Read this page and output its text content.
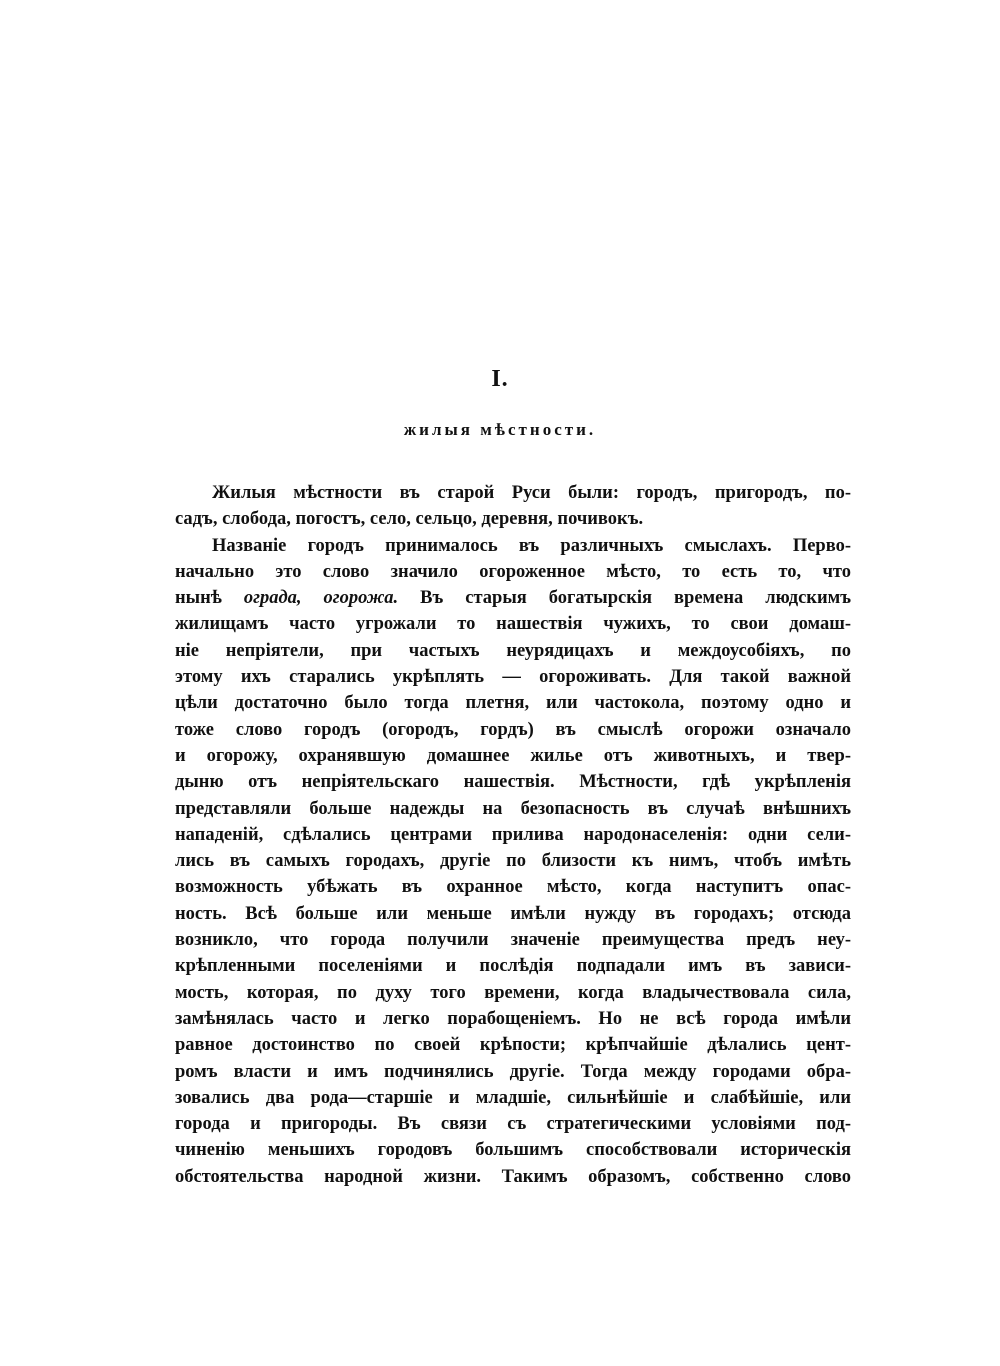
I.
жилыя мѣстности.

Жилыя мѣстности въ старой Руси были: городъ, пригородъ, по-
садъ, слобода, погостъ, село, сельцо, деревня, почивокъ.

Названіе городъ принималось въ различныхъ смыслахъ. Перво-
начально это слово значило огороженное мѣсто, то есть то, что
нынѣ ограда, огорожа. Въ старыя богатырскія времена людскимъ
жилищамъ часто угрожали то нашествія чужихъ, то свои домаш-
ніе непріятели, при частыхъ неурядицахъ и междоусобіяхъ, по
этому ихъ старались укрѣплять — огороживать. Для такой важной
цѣли достаточно было тогда плетня, или частокола, поэтому одно и
тоже слово городъ (огородъ, гордъ) въ смыслѣ огорожи означало
и огорожу, охранявшую домашнее жилье отъ животныхъ, и твер-
дыню отъ непріятельскаго нашествія. Мѣстности, гдѣ укрѣпленія
представляли больше надежды на безопасность въ случаѣ внѣшнихъ
нападеній, сдѣлались центрами прилива народонаселенія: одни сели-
лись въ самыхъ городахъ, другіе по близости къ нимъ, чтобъ имѣть
возможность убѣжать въ охранное мѣсто, когда наступитъ опас-
ность. Всѣ больше или меньше имѣли нужду въ городахъ; отсюда
возникло, что города получили значеніе преимущества предъ неу-
крѣпленными поселеніями и послѣдія подпадали имъ въ зависи-
мость, которая, по духу того времени, когда владычествовала сила,
замѣнялась часто и легко порабощеніемъ. Но не всѣ города имѣли
равное достоинство по своей крѣпости; крѣпчайшіе дѣлались цент-
ромъ власти и имъ подчинялись другіе. Тогда между городами обра-
зовались два рода—старшіе и младшіе, сильнѣйшіе и слабѣйшіе, или
города и пригороды. Въ связи съ стратегическими условіями под-
чиненію меньшихъ городовъ большимъ способствовали историческія
обстоятельства народной жизни. Такимъ образомъ, собственно слово
